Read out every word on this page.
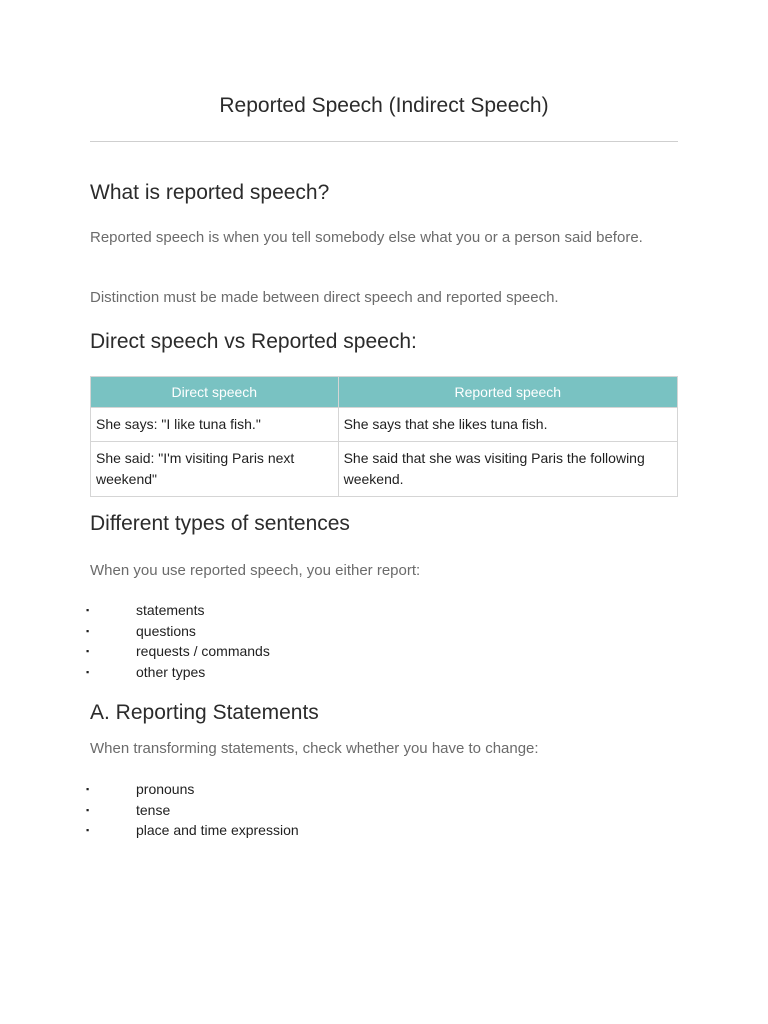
Reported Speech (Indirect Speech)
What is reported speech?

Reported speech is when you tell somebody else what you or a person said before.

Distinction must be made between direct speech and reported speech.

Direct speech vs Reported speech:
Direct speech	Reported speech
She says: "I like tuna fish."	She says that she likes tuna fish.
She said: "I'm visiting Paris next weekend"	She said that she was visiting Paris the following weekend.
Different types of sentences

When you use reported speech, you either report:

▪	statements
▪	questions
▪	requests / commands
▪	other types
A. Reporting Statements

When transforming statements, check whether you have to change:

▪	pronouns
▪	tense
▪	place and time expression
